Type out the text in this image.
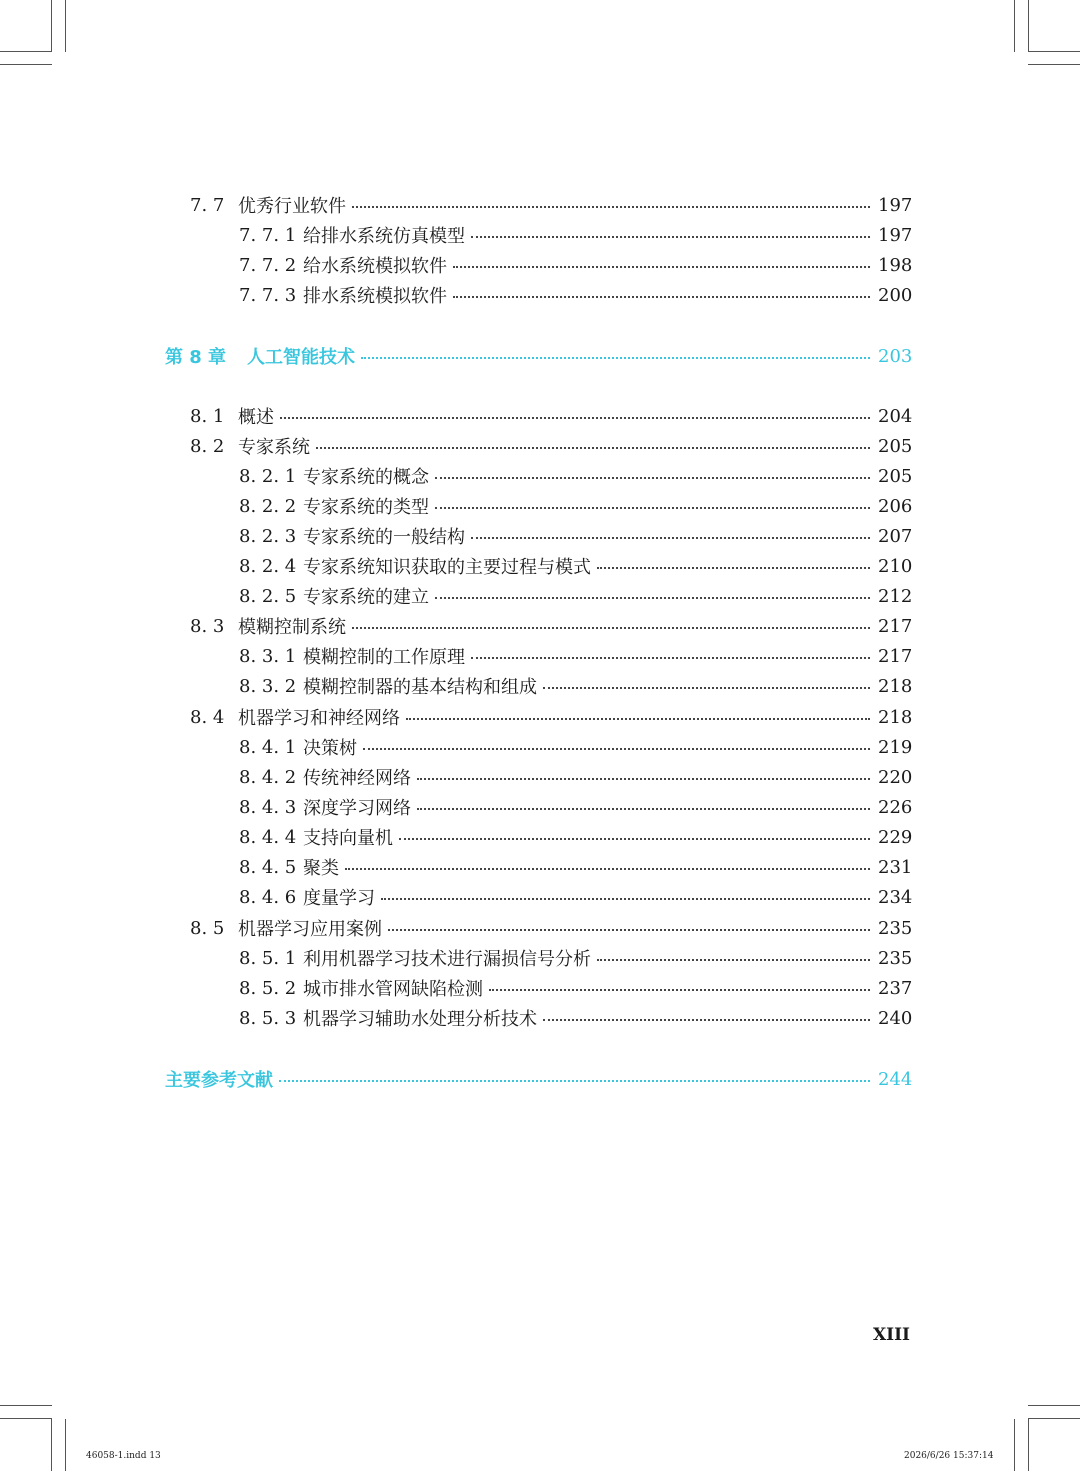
7. 7 优秀行业软件	197
7. 7. 1 给排水系统仿真模型	197
7. 7. 2 给水系统模拟软件	198
7. 7. 3 排水系统模拟软件	200
第 8 章	人工智能技术	203
8. 1 概述	204
8. 2 专家系统	205
8. 2. 1 专家系统的概念	205
8. 2. 2 专家系统的类型	206
8. 2. 3 专家系统的一般结构	207
8. 2. 4 专家系统知识获取的主要过程与模式	210
8. 2. 5 专家系统的建立	212
8. 3 模糊控制系统	217
8. 3. 1 模糊控制的工作原理	217
8. 3. 2 模糊控制器的基本结构和组成	218
8. 4 机器学习和神经网络	218
8. 4. 1 决策树	219
8. 4. 2 传统神经网络	220
8. 4. 3 深度学习网络	226
8. 4. 4 支持向量机	229
8. 4. 5 聚类	231
8. 4. 6 度量学习	234
8. 5 机器学习应用案例	235
8. 5. 1 利用机器学习技术进行漏损信号分析	235
8. 5. 2 城市排水管网缺陷检测	237
8. 5. 3 机器学习辅助水处理分析技术	240
主要参考文献	244
XIII
46058-1.indd 13	2026/6/26 15:37:14
